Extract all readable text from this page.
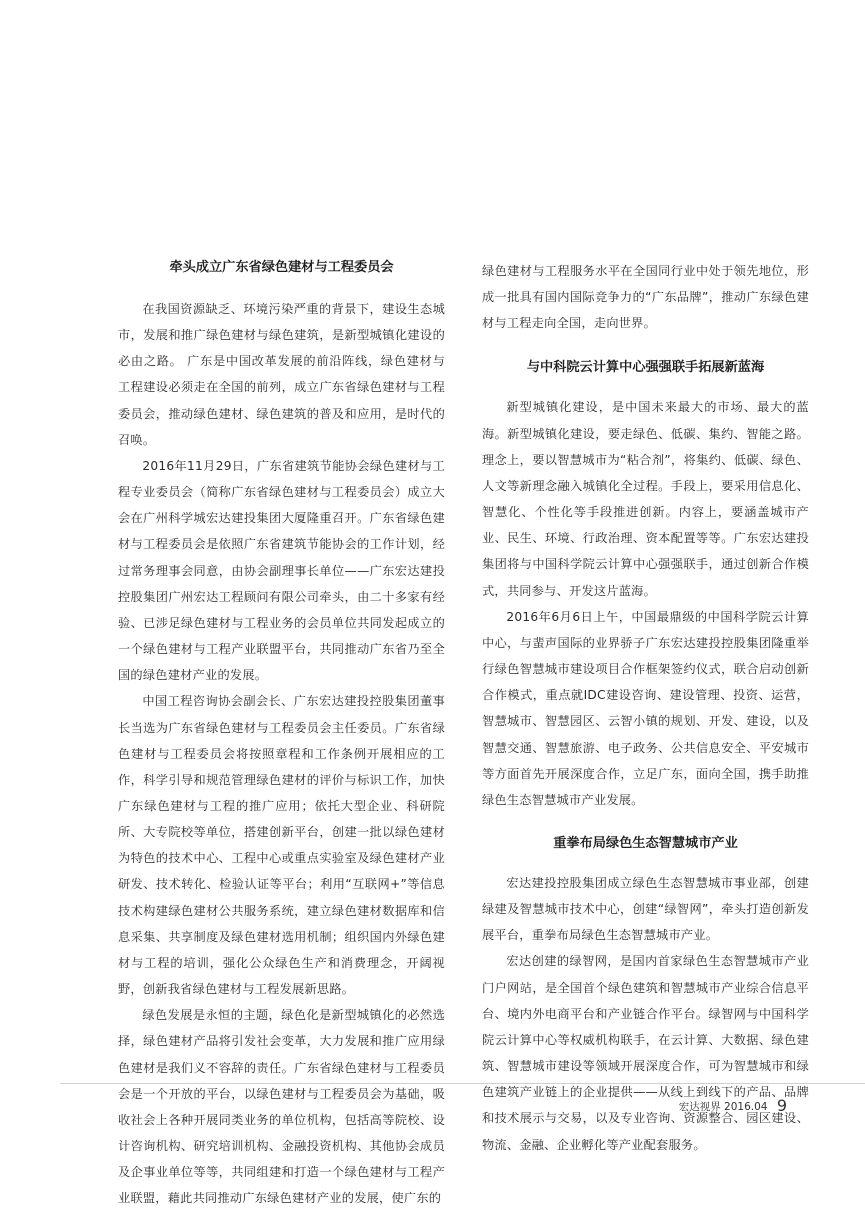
牵头成立广东省绿色建材与工程委员会

在我国资源缺乏、环境污染严重的背景下，建设生态城市，发展和推广绿色建材与绿色建筑，是新型城镇化建设的必由之路。 广东是中国改革发展的前沿阵线，绿色建材与工程建设必须走在全国的前列，成立广东省绿色建材与工程委员会，推动绿色建材、绿色建筑的普及和应用，是时代的召唤。

2016年11月29日，广东省建筑节能协会绿色建材与工程专业委员会（简称广东省绿色建材与工程委员会）成立大会在广州科学城宏达建投集团大厦隆重召开。广东省绿色建材与工程委员会是依照广东省建筑节能协会的工作计划，经过常务理事会同意，由协会副理事长单位——广东宏达建投控股集团广州宏达工程顾问有限公司牵头，由二十多家有经验、已涉足绿色建材与工程业务的会员单位共同发起成立的一个绿色建材与工程产业联盟平台，共同推动广东省乃至全国的绿色建材产业的发展。

中国工程咨询协会副会长、广东宏达建投控股集团董事长当选为广东省绿色建材与工程委员会主任委员。广东省绿色建材与工程委员会将按照章程和工作条例开展相应的工作，科学引导和规范管理绿色建材的评价与标识工作，加快广东绿色建材与工程的推广应用；依托大型企业、科研院所、大专院校等单位，搭建创新平台，创建一批以绿色建材为特色的技术中心、工程中心或重点实验室及绿色建材产业研发、技术转化、检验认证等平台；利用“互联网+”等信息技术构建绿色建材公共服务系统，建立绿色建材数据库和信息采集、共享制度及绿色建材选用机制；组织国内外绿色建材与工程的培训，强化公众绿色生产和消费理念，开阔视野，创新我省绿色建材与工程发展新思路。

绿色发展是永恒的主题，绿色化是新型城镇化的必然选择，绿色建材产品将引发社会变革，大力发展和推广应用绿色建材是我们义不容辞的责任。广东省绿色建材与工程委员会是一个开放的平台，以绿色建材与工程委员会为基础，吸收社会上各种开展同类业务的单位机构，包括高等院校、设计咨询机构、研究培训机构、金融投资机构、其他协会成员及企事业单位等等，共同组建和打造一个绿色建材与工程产业联盟，藉此共同推动广东绿色建材产业的发展，使广东的

绿色建材与工程服务水平在全国同行业中处于领先地位，形成一批具有国内国际竞争力的“广东品牌”，推动广东绿色建材与工程走向全国，走向世界。

与中科院云计算中心强强联手拓展新蓝海

新型城镇化建设，是中国未来最大的市场、最大的蓝海。新型城镇化建设，要走绿色、低碳、集约、智能之路。理念上，要以智慧城市为“粘合剂”，将集约、低碳、绿色、人文等新理念融入城镇化全过程。手段上，要采用信息化、智慧化、个性化等手段推进创新。内容上，要涵盖城市产业、民生、环境、行政治理、资本配置等等。广东宏达建投集团将与中国科学院云计算中心强强联手，通过创新合作模式，共同参与、开发这片蓝海。

2016年6月6日上午，中国最鼎级的中国科学院云计算中心，与蜚声国际的业界骄子广东宏达建投控股集团隆重举行绿色智慧城市建设项目合作框架签约仪式，联合启动创新合作模式，重点就IDC建设咨询、建设管理、投资、运营，智慧城市、智慧园区、云智小镇的规划、开发、建设，以及智慧交通、智慧旅游、电子政务、公共信息安全、平安城市等方面首先开展深度合作，立足广东，面向全国，携手助推绿色生态智慧城市产业发展。

重拳布局绿色生态智慧城市产业

宏达建投控股集团成立绿色生态智慧城市事业部，创建绿建及智慧城市技术中心，创建“绿智网”，牵头打造创新发展平台，重拳布局绿色生态智慧城市产业。

宏达创建的绿智网，是国内首家绿色生态智慧城市产业门户网站，是全国首个绿色建筑和智慧城市产业综合信息平台、境内外电商平台和产业链合作平台。绿智网与中国科学院云计算中心等权威机构联手，在云计算、大数据、绿色建筑、智慧城市建设等领域开展深度合作，可为智慧城市和绿色建筑产业链上的企业提供——从线上到线下的产品、品牌和技术展示与交易，以及专业咨询、资源整合、园区建设、物流、金融、企业孵化等产业配套服务。

宏达视界 2016.04 9
